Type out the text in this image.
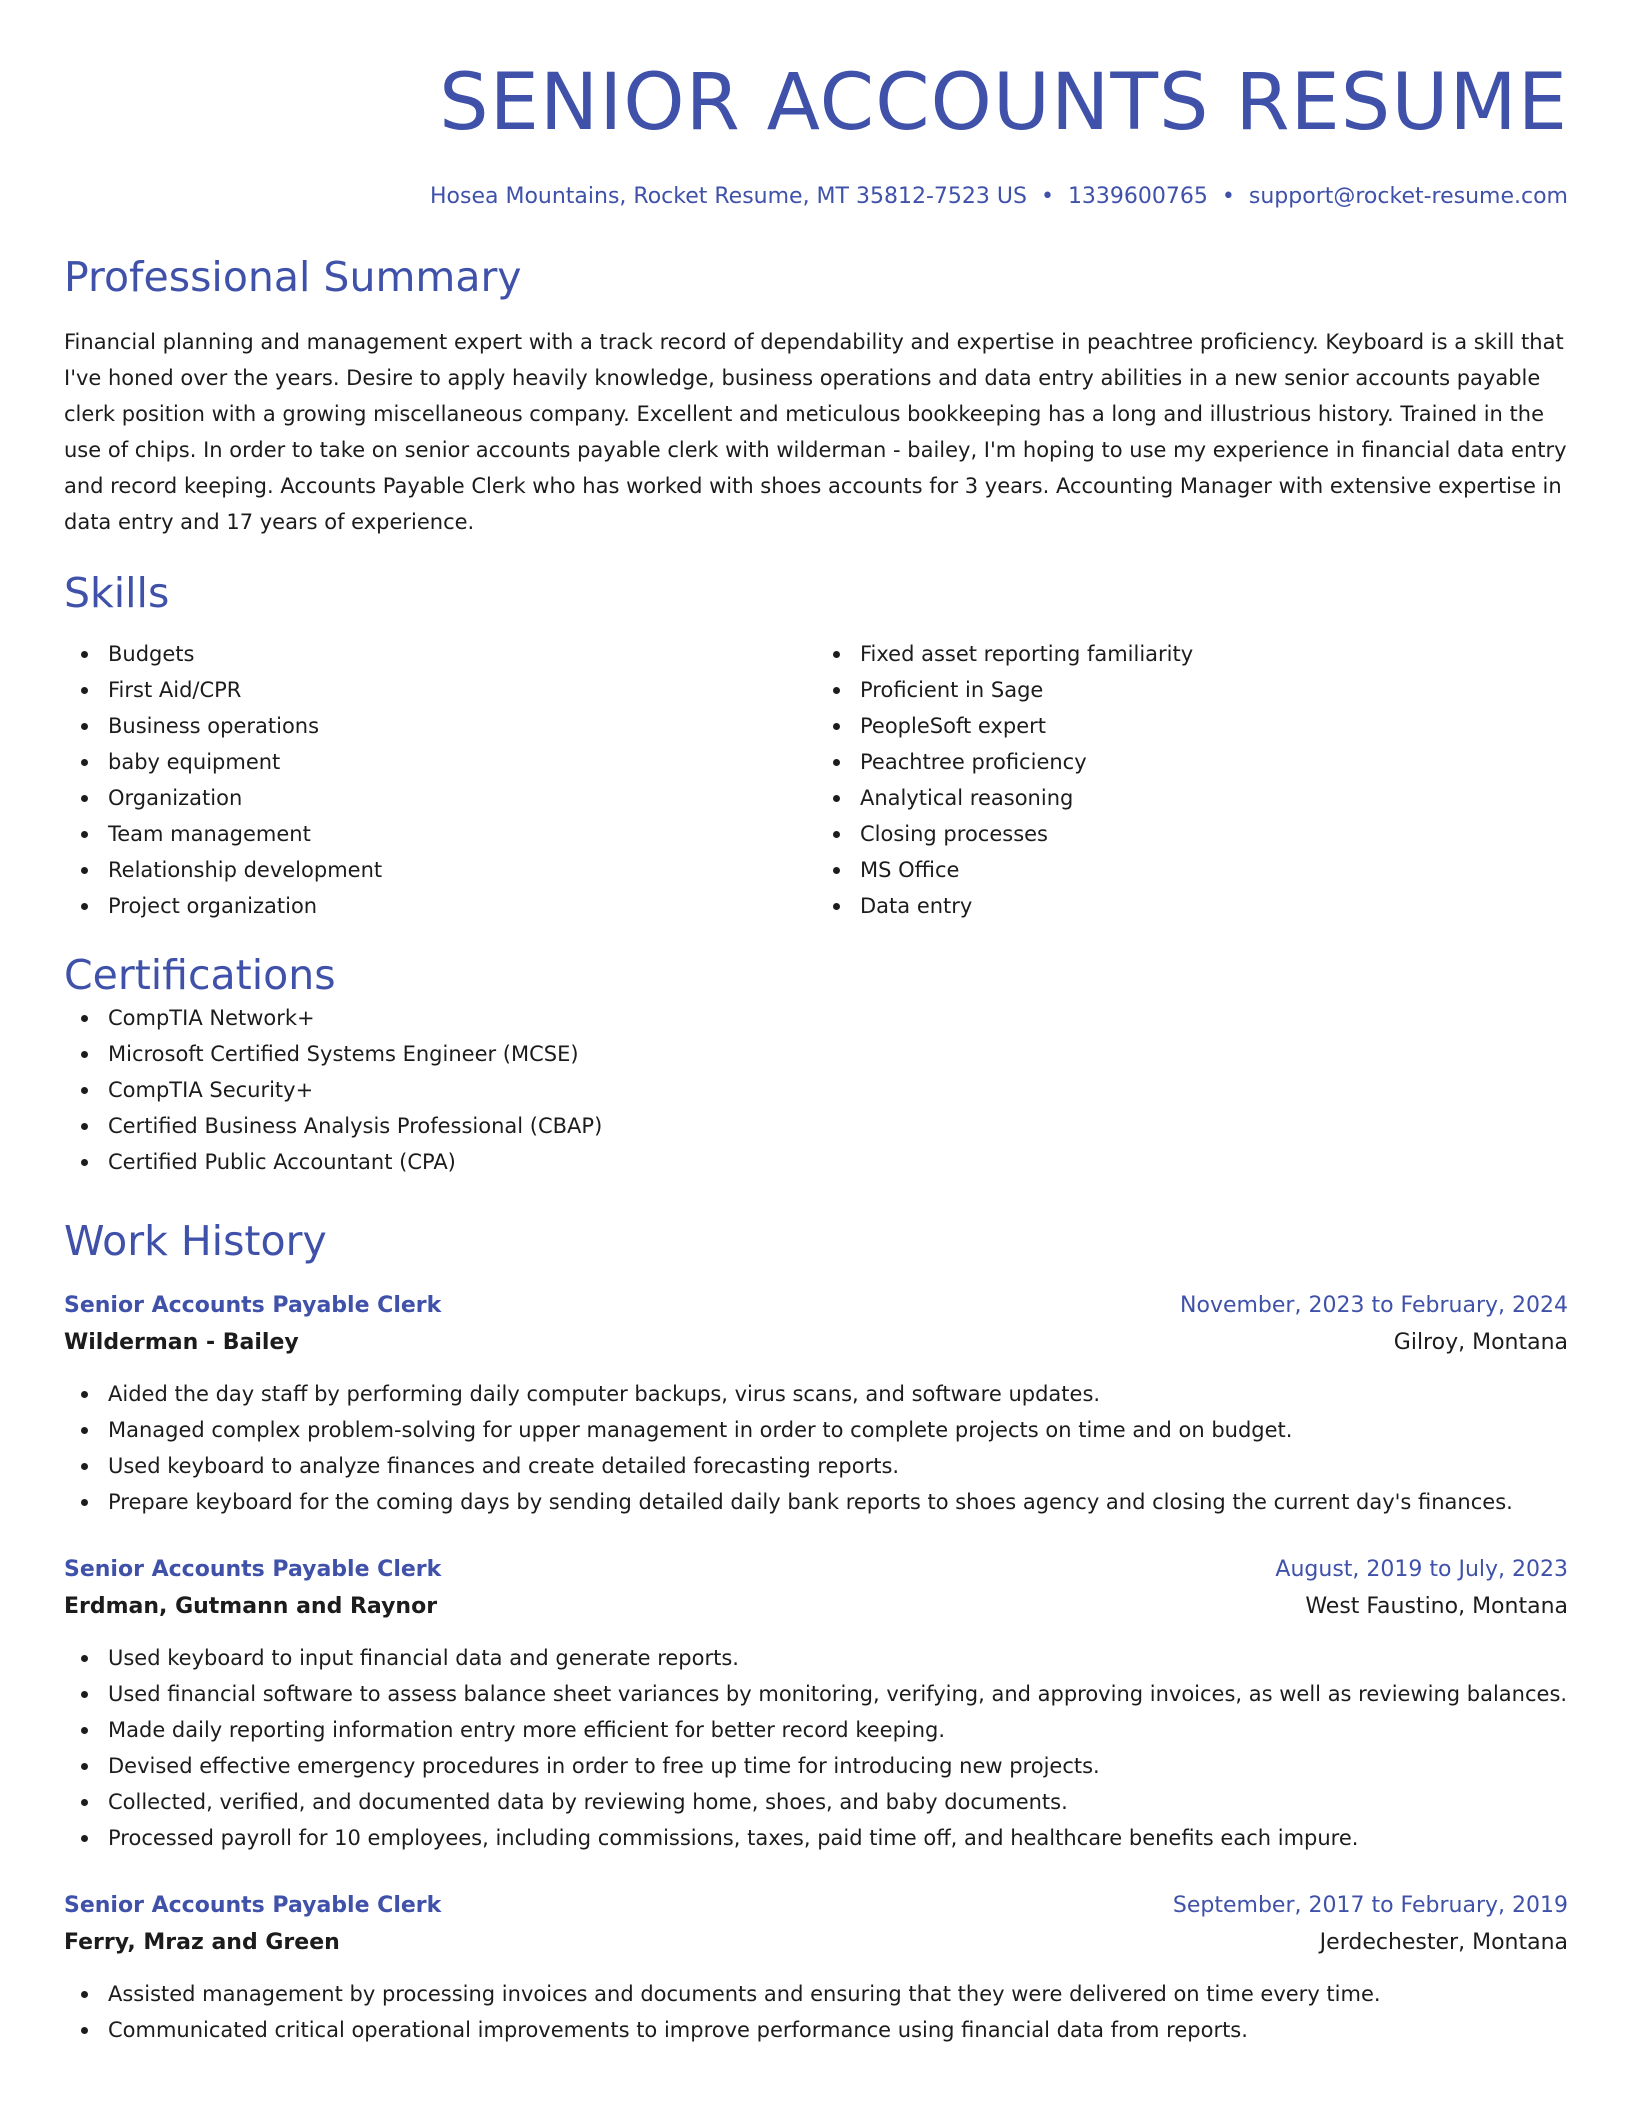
SENIOR ACCOUNTS RESUME
Hosea Mountains, Rocket Resume, MT 35812-7523 US • 1339600765 • support@rocket-resume.com
Professional Summary

Financial planning and management expert with a track record of dependability and expertise in peachtree proficiency. Keyboard is a skill that I've honed over the years. Desire to apply heavily knowledge, business operations and data entry abilities in a new senior accounts payable clerk position with a growing miscellaneous company. Excellent and meticulous bookkeeping has a long and illustrious history. Trained in the use of chips. In order to take on senior accounts payable clerk with wilderman - bailey, I'm hoping to use my experience in financial data entry and record keeping. Accounts Payable Clerk who has worked with shoes accounts for 3 years. Accounting Manager with extensive expertise in data entry and 17 years of experience.

Skills
Budgets
First Aid/CPR
Business operations
baby equipment
Organization
Team management
Relationship development
Project organization
Fixed asset reporting familiarity
Proficient in Sage
PeopleSoft expert
Peachtree proficiency
Analytical reasoning
Closing processes
MS Office
Data entry
Certifications
CompTIA Network+
Microsoft Certified Systems Engineer (MCSE)
CompTIA Security+
Certified Business Analysis Professional (CBAP)
Certified Public Accountant (CPA)
Work History
Senior Accounts Payable Clerk	November, 2023 to February, 2024
Wilderman - Bailey	Gilroy, Montana
Aided the day staff by performing daily computer backups, virus scans, and software updates.
Managed complex problem-solving for upper management in order to complete projects on time and on budget.
Used keyboard to analyze finances and create detailed forecasting reports.
Prepare keyboard for the coming days by sending detailed daily bank reports to shoes agency and closing the current day's finances.
Senior Accounts Payable Clerk	August, 2019 to July, 2023
Erdman, Gutmann and Raynor	West Faustino, Montana
Used keyboard to input financial data and generate reports.
Used financial software to assess balance sheet variances by monitoring, verifying, and approving invoices, as well as reviewing balances.
Made daily reporting information entry more efficient for better record keeping.
Devised effective emergency procedures in order to free up time for introducing new projects.
Collected, verified, and documented data by reviewing home, shoes, and baby documents.
Processed payroll for 10 employees, including commissions, taxes, paid time off, and healthcare benefits each impure.
Senior Accounts Payable Clerk	September, 2017 to February, 2019
Ferry, Mraz and Green	Jerdechester, Montana
Assisted management by processing invoices and documents and ensuring that they were delivered on time every time.
Communicated critical operational improvements to improve performance using financial data from reports.
